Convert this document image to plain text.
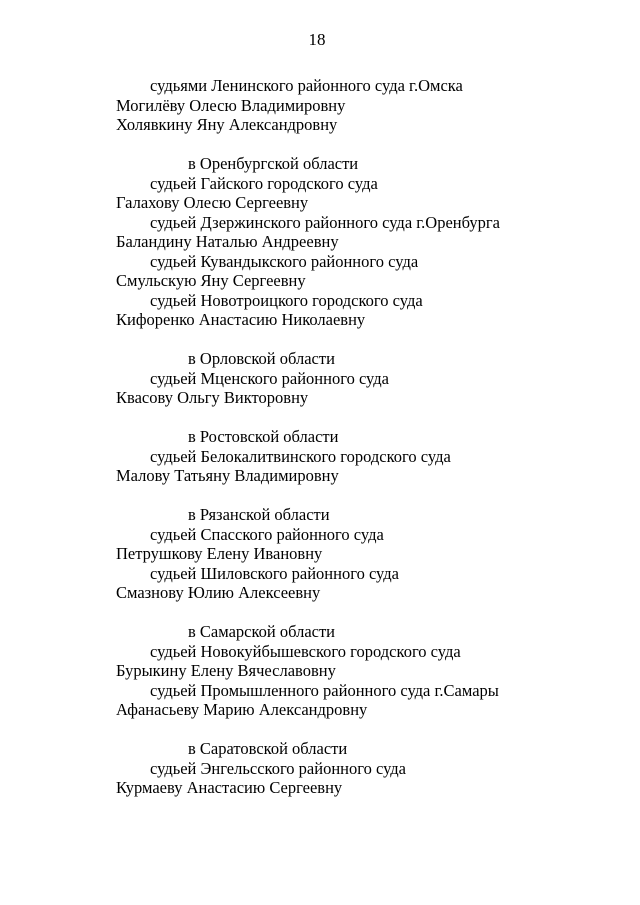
18
судьями Ленинского районного суда г.Омска
Могилёву Олесю Владимировну
Холявкину Яну Александровну
в Оренбургской области
судьей Гайского городского суда
Галахову Олесю Сергеевну
судьей Дзержинского районного суда г.Оренбурга
Баландину Наталью Андреевну
судьей Кувандыкского районного суда
Смульскую Яну Сергеевну
судьей Новотроицкого городского суда
Кифоренко Анастасию Николаевну
в Орловской области
судьей Мценского районного суда
Квасову Ольгу Викторовну
в Ростовской области
судьей Белокалитвинского городского суда
Малову Татьяну Владимировну
в Рязанской области
судьей Спасского районного суда
Петрушкову Елену Ивановну
судьей Шиловского районного суда
Смазнову Юлию Алексеевну
в Самарской области
судьей Новокуйбышевского городского суда
Бурыкину Елену Вячеславовну
судьей Промышленного районного суда г.Самары
Афанасьеву Марию Александровну
в Саратовской области
судьей Энгельсского районного суда
Курмаеву Анастасию Сергеевну
